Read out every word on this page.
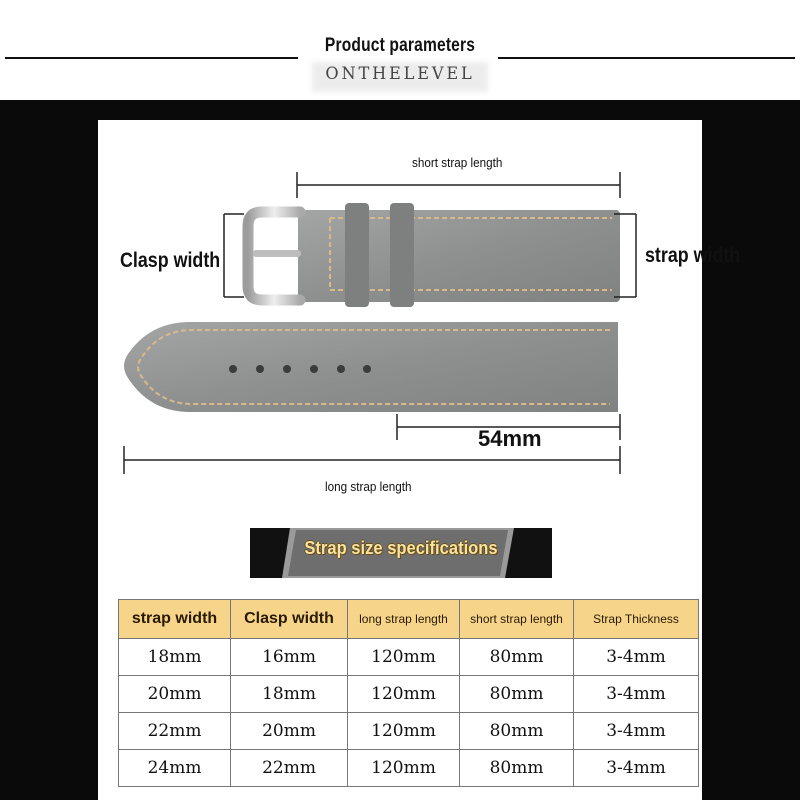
Product parameters
ONTHELEVEL
short strap length
Clasp width	strap width
54mm
long strap length
Strap size specifications
strap width	Clasp width	long strap length	short strap length	Strap Thickness
18mm	16mm	120mm	80mm	3-4mm
20mm	18mm	120mm	80mm	3-4mm
22mm	20mm	120mm	80mm	3-4mm
24mm	22mm	120mm	80mm	3-4mm
